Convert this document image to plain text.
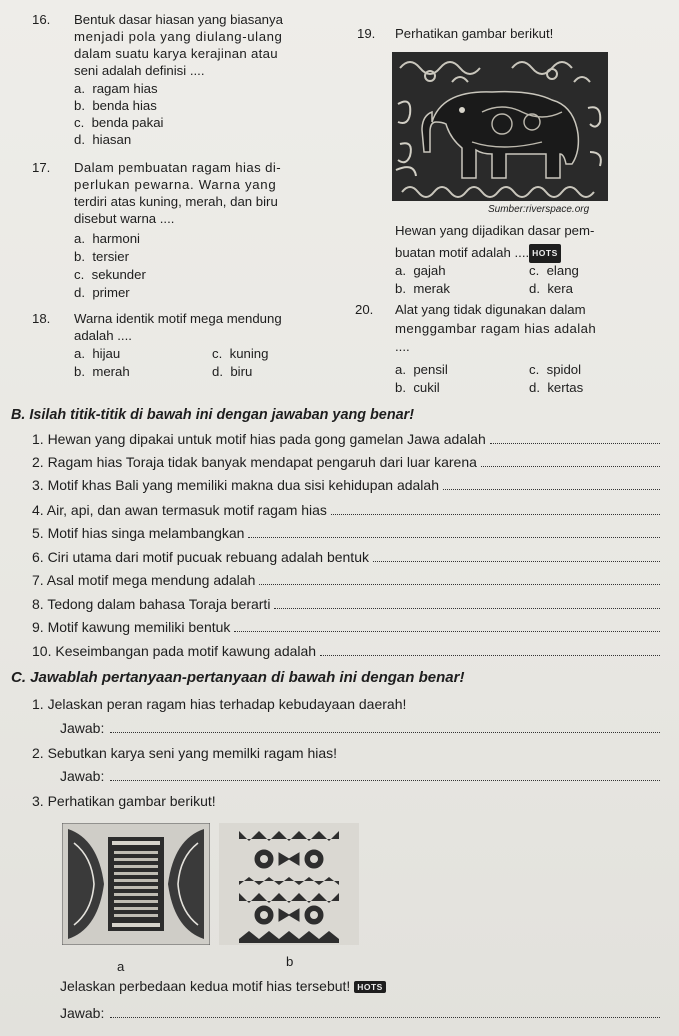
16. Bentuk dasar hiasan yang biasanya
menjadi pola yang diulang-ulang
dalam suatu karya kerajinan atau
seni adalah definisi ....
a. ragam hias
b. benda hias
c. benda pakai
d. hiasan
17. Dalam pembuatan ragam hias di-
perlukan pewarna. Warna yang
terdiri atas kuning, merah, dan biru
disebut warna ....
a. harmoni
b. tersier
c. sekunder
d. primer
18. Warna identik motif mega mendung
adalah ....
a. hijau
b. merah
c. kuning
d. biru
19. Perhatikan gambar berikut!
Sumber:riverspace.org
Hewan yang dijadikan dasar pem-
buatan motif adalah .... HOTS
a. gajah
b. merak
c. elang
d. kera
20. Alat yang tidak digunakan dalam
menggambar ragam hias adalah
....
a. pensil
b. cukil
c. spidol
d. kertas
B. Isilah titik-titik di bawah ini dengan jawaban yang benar!
1. Hewan yang dipakai untuk motif hias pada gong gamelan Jawa adalah
2. Ragam hias Toraja tidak banyak mendapat pengaruh dari luar karena
3. Motif khas Bali yang memiliki makna dua sisi kehidupan adalah
4. Air, api, dan awan termasuk motif ragam hias
5. Motif hias singa melambangkan
6. Ciri utama dari motif pucuak rebuang adalah bentuk
7. Asal motif mega mendung adalah
8. Tedong dalam bahasa Toraja berarti
9. Motif kawung memiliki bentuk
10. Keseimbangan pada motif kawung adalah
C. Jawablah pertanyaan-pertanyaan di bawah ini dengan benar!
1. Jelaskan peran ragam hias terhadap kebudayaan daerah!
Jawab:
2. Sebutkan karya seni yang memilki ragam hias!
Jawab:
3. Perhatikan gambar berikut!
a	b
Jelaskan perbedaan kedua motif hias tersebut! HOTS
Jawab:
